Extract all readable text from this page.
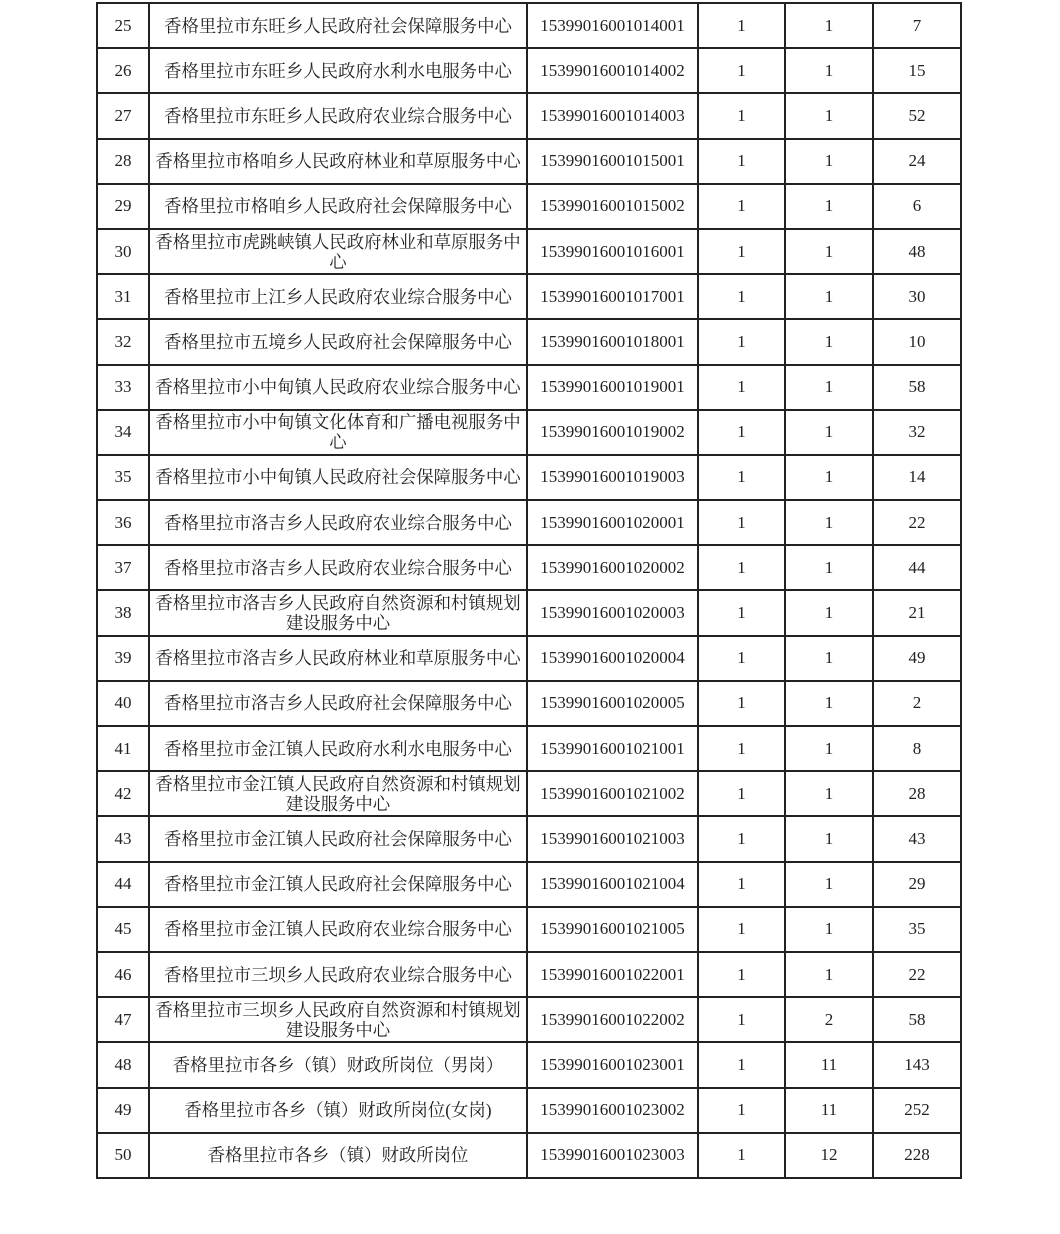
25	香格里拉市东旺乡人民政府社会保障服务中心	15399016001014001	1	1	7
26	香格里拉市东旺乡人民政府水利水电服务中心	15399016001014002	1	1	15
27	香格里拉市东旺乡人民政府农业综合服务中心	15399016001014003	1	1	52
28	香格里拉市格咱乡人民政府林业和草原服务中心	15399016001015001	1	1	24
29	香格里拉市格咱乡人民政府社会保障服务中心	15399016001015002	1	1	6
30	香格里拉市虎跳峡镇人民政府林业和草原服务中心	15399016001016001	1	1	48
31	香格里拉市上江乡人民政府农业综合服务中心	15399016001017001	1	1	30
32	香格里拉市五境乡人民政府社会保障服务中心	15399016001018001	1	1	10
33	香格里拉市小中甸镇人民政府农业综合服务中心	15399016001019001	1	1	58
34	香格里拉市小中甸镇文化体育和广播电视服务中心	15399016001019002	1	1	32
35	香格里拉市小中甸镇人民政府社会保障服务中心	15399016001019003	1	1	14
36	香格里拉市洛吉乡人民政府农业综合服务中心	15399016001020001	1	1	22
37	香格里拉市洛吉乡人民政府农业综合服务中心	15399016001020002	1	1	44
38	香格里拉市洛吉乡人民政府自然资源和村镇规划建设服务中心	15399016001020003	1	1	21
39	香格里拉市洛吉乡人民政府林业和草原服务中心	15399016001020004	1	1	49
40	香格里拉市洛吉乡人民政府社会保障服务中心	15399016001020005	1	1	2
41	香格里拉市金江镇人民政府水利水电服务中心	15399016001021001	1	1	8
42	香格里拉市金江镇人民政府自然资源和村镇规划建设服务中心	15399016001021002	1	1	28
43	香格里拉市金江镇人民政府社会保障服务中心	15399016001021003	1	1	43
44	香格里拉市金江镇人民政府社会保障服务中心	15399016001021004	1	1	29
45	香格里拉市金江镇人民政府农业综合服务中心	15399016001021005	1	1	35
46	香格里拉市三坝乡人民政府农业综合服务中心	15399016001022001	1	1	22
47	香格里拉市三坝乡人民政府自然资源和村镇规划建设服务中心	15399016001022002	1	2	58
48	香格里拉市各乡（镇）财政所岗位（男岗）	15399016001023001	1	11	143
49	香格里拉市各乡（镇）财政所岗位(女岗)	15399016001023002	1	11	252
50	香格里拉市各乡（镇）财政所岗位	15399016001023003	1	12	228
